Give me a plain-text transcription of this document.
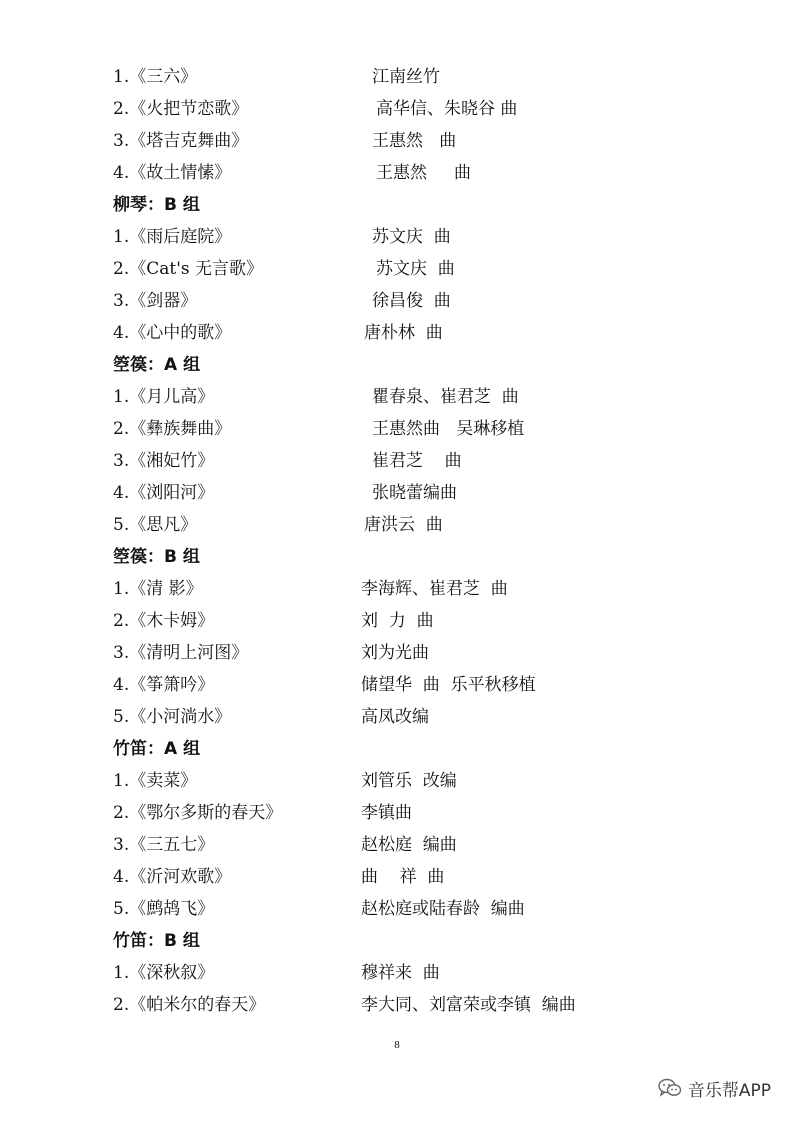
1.《三六》	江南丝竹
2.《火把节恋歌》	高华信、朱晓谷 曲
3.《塔吉克舞曲》	王惠然   曲
4.《故土情愫》	王惠然     曲
柳琴：B 组
1.《雨后庭院》	苏文庆  曲
2.《Cat's 无言歌》	苏文庆  曲
3.《剑器》	徐昌俊  曲
4.《心中的歌》	唐朴林  曲
箜篌：A 组
1.《月儿高》	瞿春泉、崔君芝  曲
2.《彝族舞曲》	王惠然曲   吴琳移植
3.《湘妃竹》	崔君芝    曲
4.《浏阳河》	张晓蕾编曲
5.《思凡》	唐洪云  曲
箜篌：B 组
1.《清 影》	李海辉、崔君芝  曲
2.《木卡姆》	刘  力  曲
3.《清明上河图》	刘为光曲
4.《筝箫吟》	储望华  曲  乐平秋移植
5.《小河淌水》	高凤改编
竹笛：A 组
1.《卖菜》	刘管乐  改编
2.《鄂尔多斯的春天》	李镇曲
3.《三五七》	赵松庭  编曲
4.《沂河欢歌》	曲    祥  曲
5.《鹧鸪飞》	赵松庭或陆春龄  编曲
竹笛：B 组
1.《深秋叙》	穆祥来  曲
2.《帕米尔的春天》	李大同、刘富荣或李镇  编曲
8
音乐帮APP
